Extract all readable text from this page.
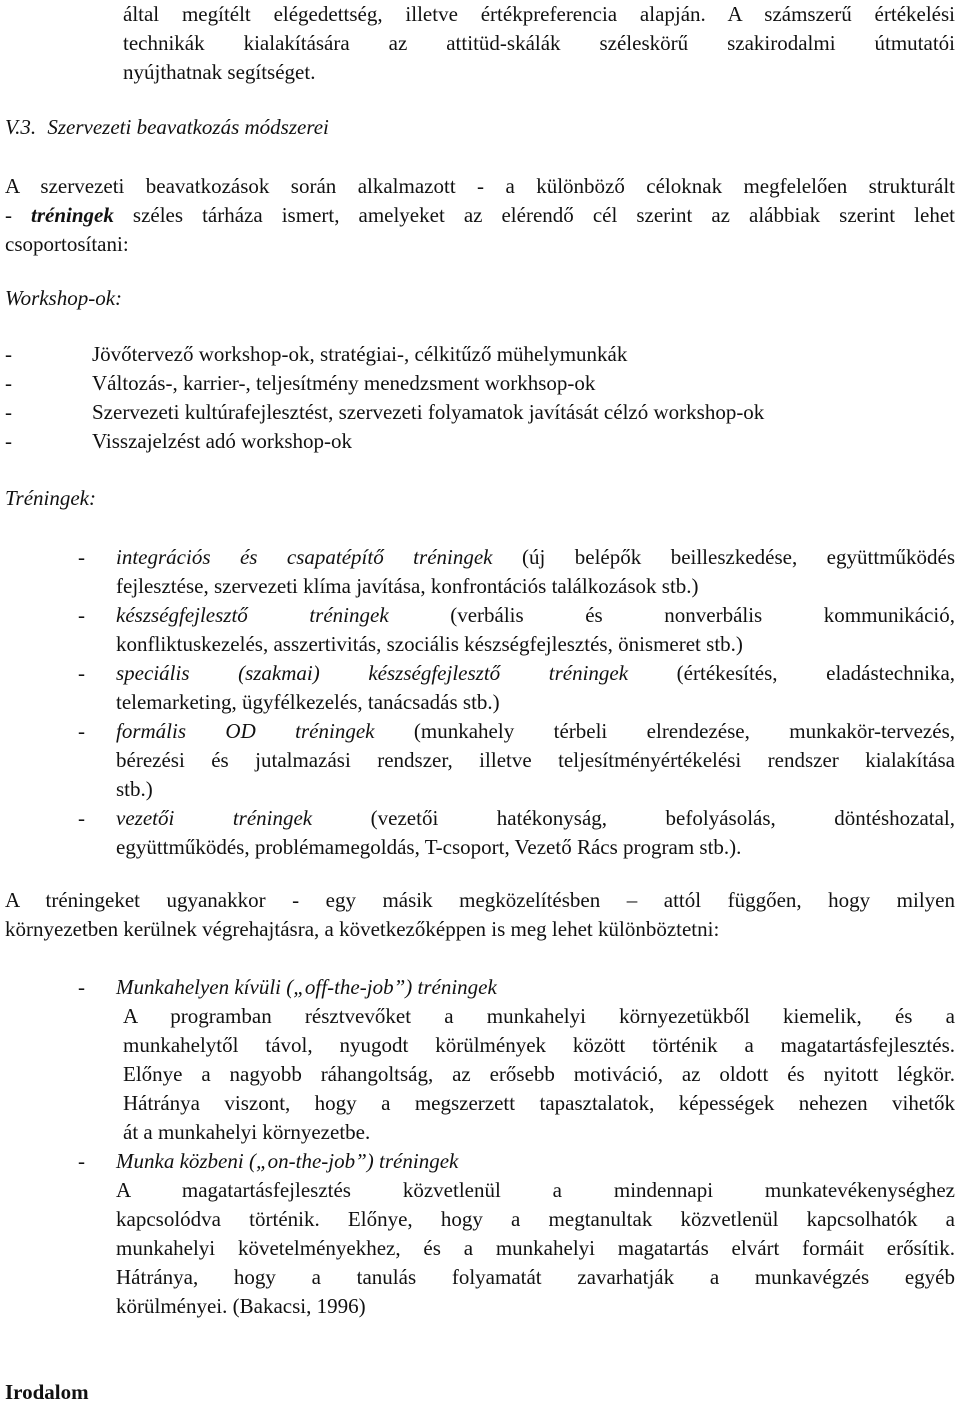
által megítélt elégedettség, illetve értékpreferencia alapján. A számszerű értékelési
technikák kialakítására az attitüd-skálák széleskörű szakirodalmi útmutatói
nyújthatnak segítséget.
V.3. Szervezeti beavatkozás módszerei
A szervezeti beavatkozások során alkalmazott - a különböző céloknak megfelelően strukturált
- tréningek széles tárháza ismert, amelyeket az elérendő cél szerint az alábbiak szerint lehet
csoportosítani:
Workshop-ok:
-	Jövőtervező workshop-ok, stratégiai-, célkitűző mühelymunkák
-	Változás-, karrier-, teljesítmény menedzsment workhsop-ok
-	Szervezeti kultúrafejlesztést, szervezeti folyamatok javítását célzó workshop-ok
-	Visszajelzést adó workshop-ok
Tréningek:
- integrációs és csapatépítő tréningek (új belépők beilleszkedése, együttműködés
fejlesztése, szervezeti klíma javítása, konfrontációs találkozások stb.)
- készségfejlesztő tréningek (verbális és nonverbális kommunikáció,
konfliktuskezelés, asszertivitás, szociális készségfejlesztés, önismeret stb.)
- speciális (szakmai) készségfejlesztő tréningek (értékesítés, eladástechnika,
telemarketing, ügyfélkezelés, tanácsadás stb.)
- formális OD tréningek (munkahely térbeli elrendezése, munkakör-tervezés,
bérezési és jutalmazási rendszer, illetve teljesítményértékelési rendszer kialakítása
stb.)
- vezetői tréningek (vezetői hatékonyság, befolyásolás, döntéshozatal,
együttműködés, problémamegoldás, T-csoport, Vezető Rács program stb.).
A tréningeket ugyanakkor - egy másik megközelítésben – attól függően, hogy milyen
környezetben kerülnek végrehajtásra, a következőképpen is meg lehet különböztetni:
- Munkahelyen kívüli („off-the-job”) tréningek
A programban résztvevőket a munkahelyi környezetükből kiemelik, és a
munkahelytől távol, nyugodt körülmények között történik a magatartásfejlesztés.
Előnye a nagyobb ráhangoltság, az erősebb motiváció, az oldott és nyitott légkör.
Hátránya viszont, hogy a megszerzett tapasztalatok, képességek nehezen vihetők
át a munkahelyi környezetbe.
- Munka közbeni („on-the-job”) tréningek
A magatartásfejlesztés közvetlenül a mindennapi munkatevékenységhez
kapcsolódva történik. Előnye, hogy a megtanultak közvetlenül kapcsolhatók a
munkahelyi követelményekhez, és a munkahelyi magatartás elvárt formáit erősítik.
Hátránya, hogy a tanulás folyamatát zavarhatják a munkavégzés egyéb
körülményei. (Bakacsi, 1996)
Irodalom
